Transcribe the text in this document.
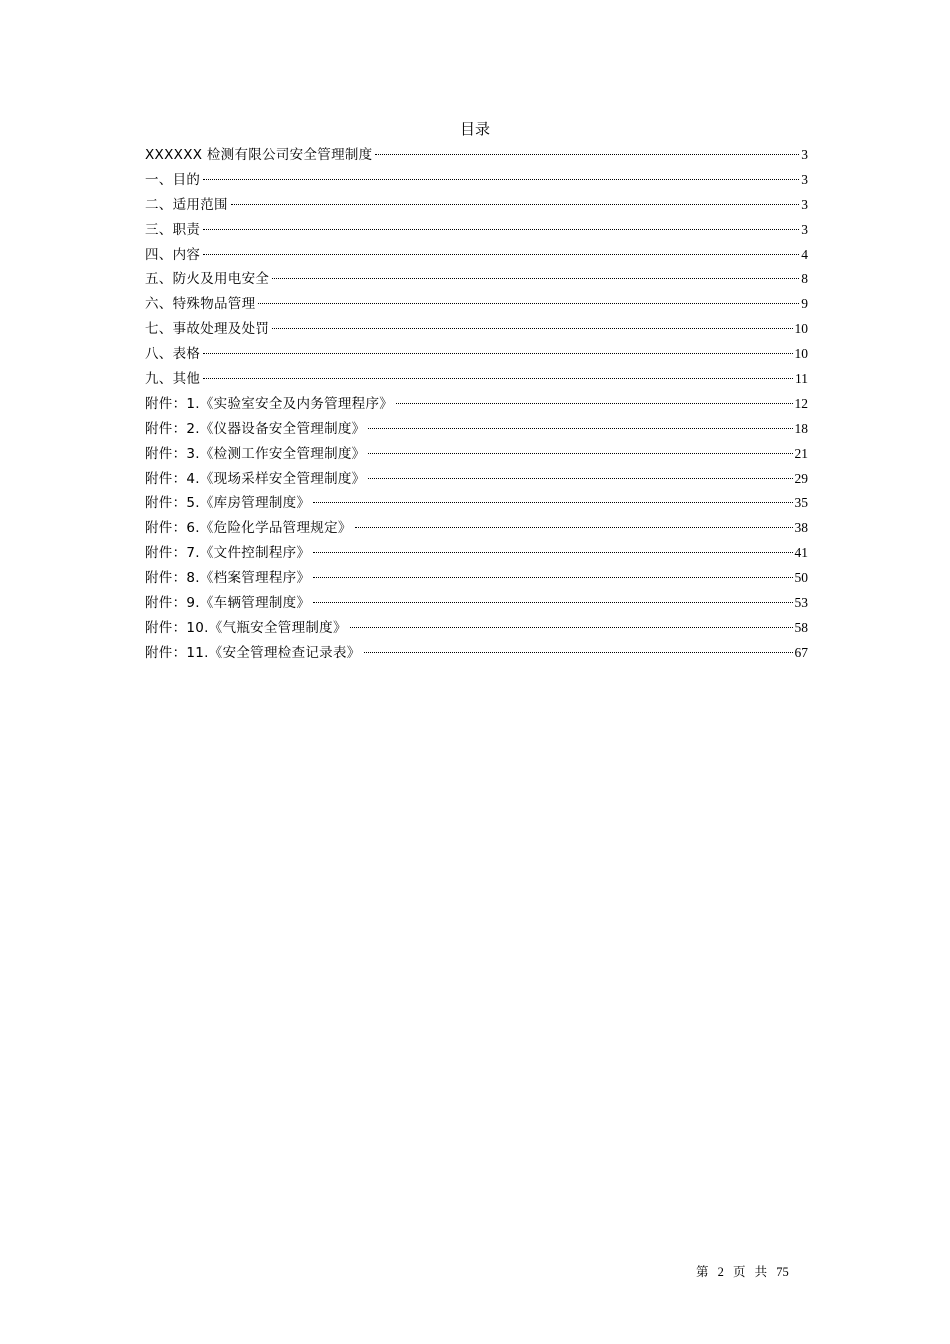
目录
XXXXXX 检测有限公司安全管理制度	3
一、目的	3
二、适用范围	3
三、职责	3
四、内容	4
五、防火及用电安全	8
六、特殊物品管理	9
七、事故处理及处罚	10
八、表格	10
九、其他	11
附件：1.《实验室安全及内务管理程序》	12
附件：2.《仪器设备安全管理制度》	18
附件：3.《检测工作安全管理制度》	21
附件：4.《现场采样安全管理制度》	29
附件：5.《库房管理制度》	35
附件：6.《危险化学品管理规定》	38
附件：7.《文件控制程序》	41
附件：8.《档案管理程序》	50
附件：9.《车辆管理制度》	53
附件：10.《气瓶安全管理制度》	58
附件：11.《安全管理检查记录表》	67
第 2 页 共 75
